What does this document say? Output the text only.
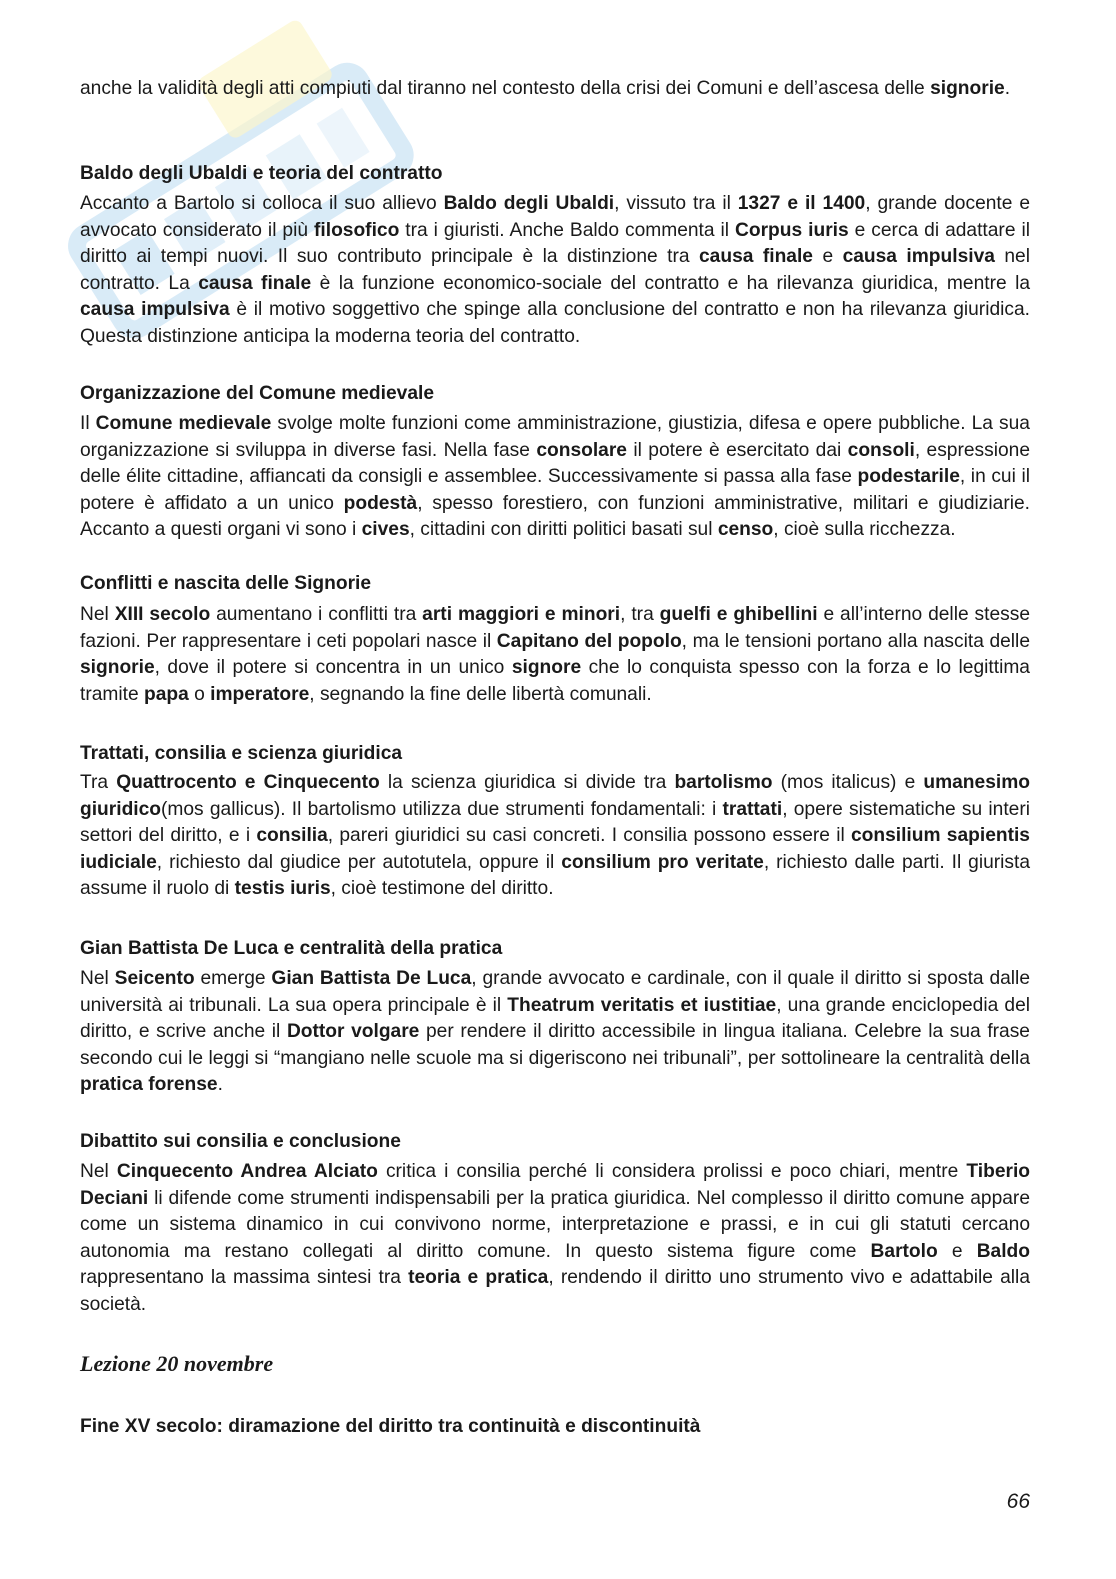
anche la validità degli atti compiuti dal tiranno nel contesto della crisi dei Comuni e dell’ascesa delle signorie.

Baldo degli Ubaldi e teoria del contratto

Accanto a Bartolo si colloca il suo allievo Baldo degli Ubaldi, vissuto tra il 1327 e il 1400, grande docente e avvocato considerato il più filosofico tra i giuristi. Anche Baldo commenta il Corpus iuris e cerca di adattare il diritto ai tempi nuovi. Il suo contributo principale è la distinzione tra causa finale e causa impulsiva nel contratto. La causa finale è la funzione economico-sociale del contratto e ha rilevanza giuridica, mentre la causa impulsiva è il motivo soggettivo che spinge alla conclusione del contratto e non ha rilevanza giuridica. Questa distinzione anticipa la moderna teoria del contratto.

Organizzazione del Comune medievale

Il Comune medievale svolge molte funzioni come amministrazione, giustizia, difesa e opere pubbliche. La sua organizzazione si sviluppa in diverse fasi. Nella fase consolare il potere è esercitato dai consoli, espressione delle élite cittadine, affiancati da consigli e assemblee. Successivamente si passa alla fase podestarile, in cui il potere è affidato a un unico podestà, spesso forestiero, con funzioni amministrative, militari e giudiziarie. Accanto a questi organi vi sono i cives, cittadini con diritti politici basati sul censo, cioè sulla ricchezza.

Conflitti e nascita delle Signorie

Nel XIII secolo aumentano i conflitti tra arti maggiori e minori, tra guelfi e ghibellini e all’interno delle stesse fazioni. Per rappresentare i ceti popolari nasce il Capitano del popolo, ma le tensioni portano alla nascita delle signorie, dove il potere si concentra in un unico signore che lo conquista spesso con la forza e lo legittima tramite papa o imperatore, segnando la fine delle libertà comunali.

Trattati, consilia e scienza giuridica

Tra Quattrocento e Cinquecento la scienza giuridica si divide tra bartolismo (mos italicus) e umanesimo giuridico(mos gallicus). Il bartolismo utilizza due strumenti fondamentali: i trattati, opere sistematiche su interi settori del diritto, e i consilia, pareri giuridici su casi concreti. I consilia possono essere il consilium sapientis iudiciale, richiesto dal giudice per autotutela, oppure il consilium pro veritate, richiesto dalle parti. Il giurista assume il ruolo di testis iuris, cioè testimone del diritto.

Gian Battista De Luca e centralità della pratica

Nel Seicento emerge Gian Battista De Luca, grande avvocato e cardinale, con il quale il diritto si sposta dalle università ai tribunali. La sua opera principale è il Theatrum veritatis et iustitiae, una grande enciclopedia del diritto, e scrive anche il Dottor volgare per rendere il diritto accessibile in lingua italiana. Celebre la sua frase secondo cui le leggi si “mangiano nelle scuole ma si digeriscono nei tribunali”, per sottolineare la centralità della pratica forense.

Dibattito sui consilia e conclusione

Nel Cinquecento Andrea Alciato critica i consilia perché li considera prolissi e poco chiari, mentre Tiberio Deciani li difende come strumenti indispensabili per la pratica giuridica. Nel complesso il diritto comune appare come un sistema dinamico in cui convivono norme, interpretazione e prassi, e in cui gli statuti cercano autonomia ma restano collegati al diritto comune. In questo sistema figure come Bartolo e Baldo rappresentano la massima sintesi tra teoria e pratica, rendendo il diritto uno strumento vivo e adattabile alla società.

Lezione 20 novembre
Fine XV secolo: diramazione del diritto tra continuità e discontinuità
66
